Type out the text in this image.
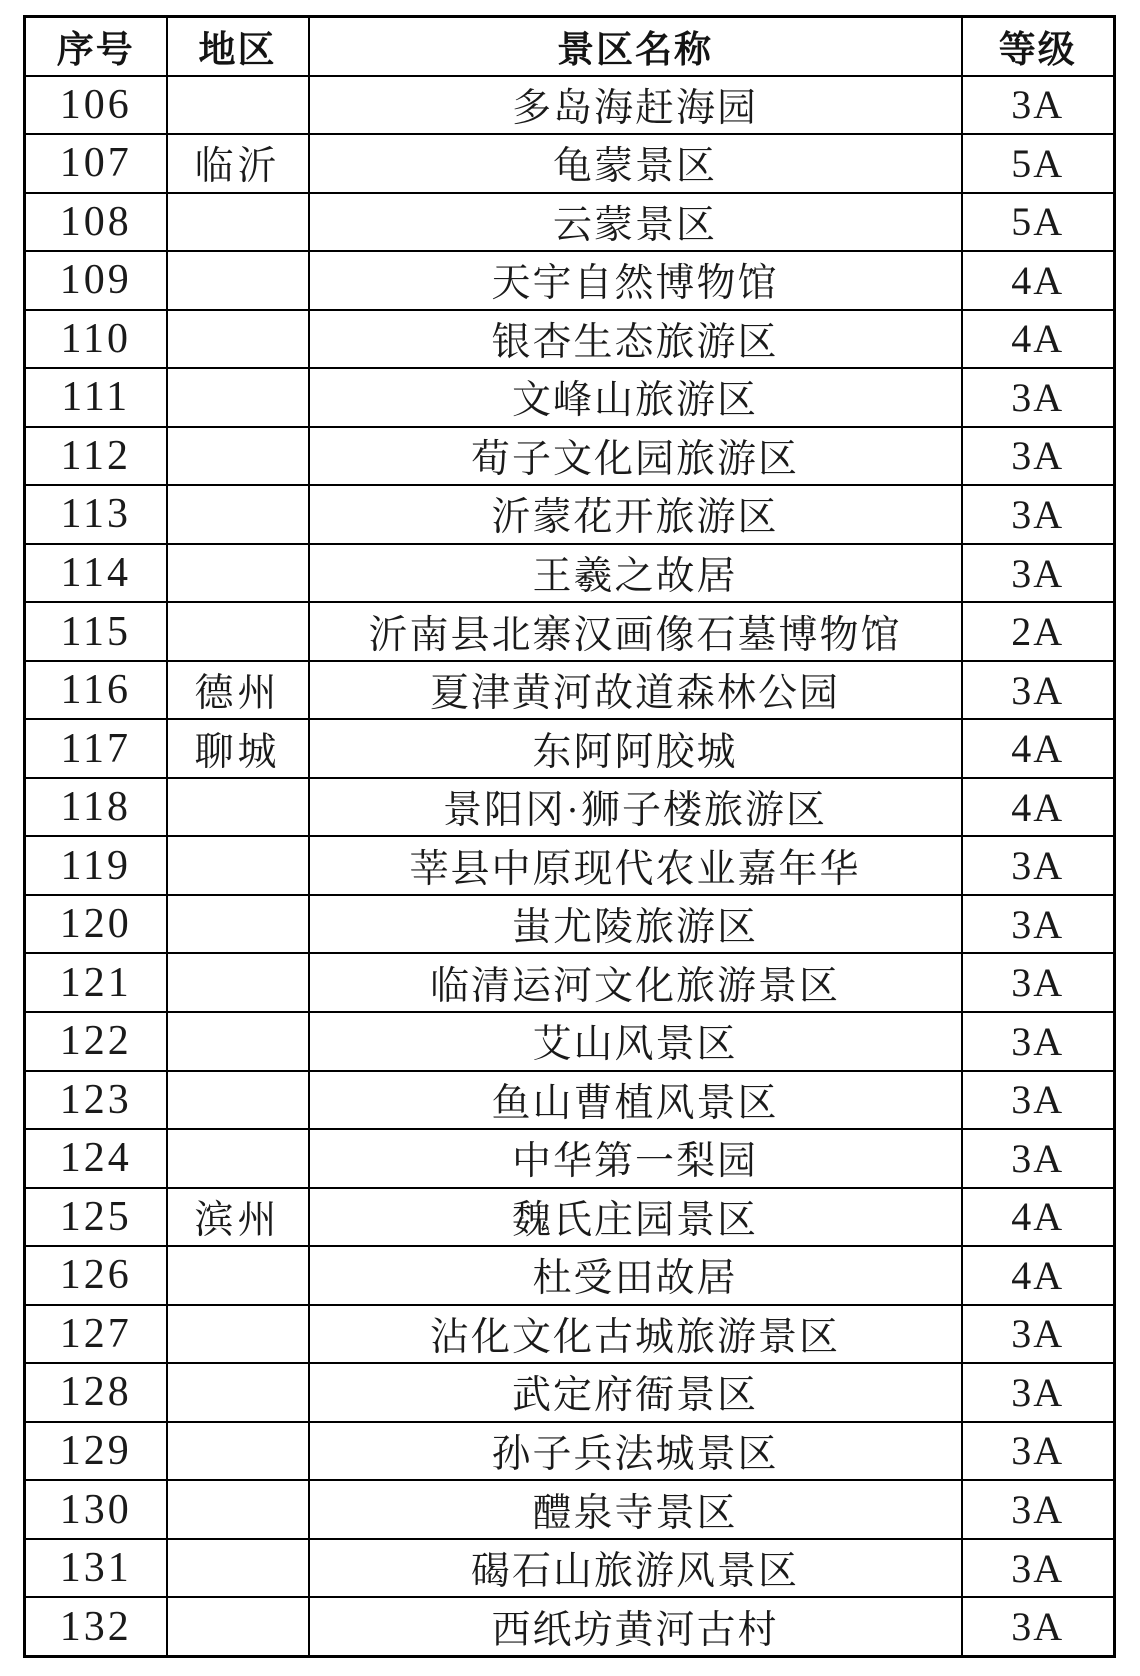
序号	地区	景区名称	等级
106		多岛海赶海园	3A
107	临沂	龟蒙景区	5A
108		云蒙景区	5A
109		天宇自然博物馆	4A
110		银杏生态旅游区	4A
111		文峰山旅游区	3A
112		荀子文化园旅游区	3A
113		沂蒙花开旅游区	3A
114		王羲之故居	3A
115		沂南县北寨汉画像石墓博物馆	2A
116	德州	夏津黄河故道森林公园	3A
117	聊城	东阿阿胶城	4A
118		景阳冈·狮子楼旅游区	4A
119		莘县中原现代农业嘉年华	3A
120		蚩尤陵旅游区	3A
121		临清运河文化旅游景区	3A
122		艾山风景区	3A
123		鱼山曹植风景区	3A
124		中华第一梨园	3A
125	滨州	魏氏庄园景区	4A
126		杜受田故居	4A
127		沾化文化古城旅游景区	3A
128		武定府衙景区	3A
129		孙子兵法城景区	3A
130		醴泉寺景区	3A
131		碣石山旅游风景区	3A
132		西纸坊黄河古村	3A
